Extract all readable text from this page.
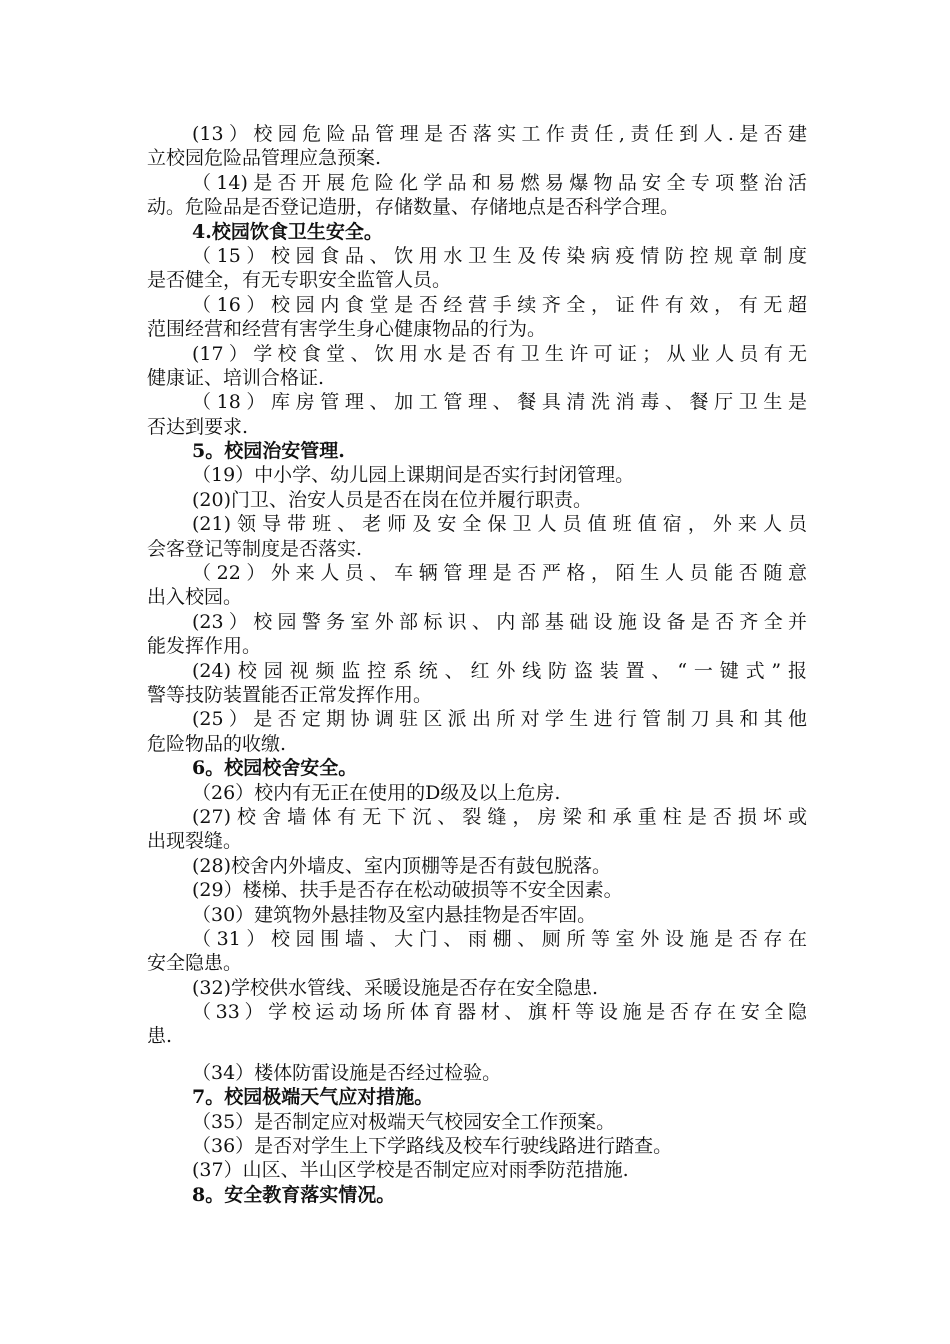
(13）校园危险品管理是否落实工作责任,责任到人.是否建
立校园危险品管理应急预案.
（14)是否开展危险化学品和易燃易爆物品安全专项整治活
动。危险品是否登记造册，存储数量、存储地点是否科学合理。
4.校园饮食卫生安全。
（15）校园食品、饮用水卫生及传染病疫情防控规章制度
是否健全，有无专职安全监管人员。
（16）校园内食堂是否经营手续齐全，证件有效，有无超
范围经营和经营有害学生身心健康物品的行为。
(17）学校食堂、饮用水是否有卫生许可证；从业人员有无
健康证、培训合格证.
（18）库房管理、加工管理、餐具清洗消毒、餐厅卫生是
否达到要求.
5。校园治安管理.
（19）中小学、幼儿园上课期间是否实行封闭管理。
(20)门卫、治安人员是否在岗在位并履行职责。
(21)领导带班、老师及安全保卫人员值班值宿，外来人员
会客登记等制度是否落实.
（22）外来人员、车辆管理是否严格，陌生人员能否随意
出入校园。
(23）校园警务室外部标识、内部基础设施设备是否齐全并
能发挥作用。
(24)校园视频监控系统、红外线防盗装置、“一键式”报
警等技防装置能否正常发挥作用。
(25）是否定期协调驻区派出所对学生进行管制刀具和其他
危险物品的收缴.
6。校园校舍安全。
（26）校内有无正在使用的D级及以上危房.
(27)校舍墙体有无下沉、裂缝，房梁和承重柱是否损坏或
出现裂缝。
(28)校舍内外墙皮、室内顶棚等是否有鼓包脱落。
(29）楼梯、扶手是否存在松动破损等不安全因素。
（30）建筑物外悬挂物及室内悬挂物是否牢固。
（31）校园围墙、大门、雨棚、厕所等室外设施是否存在
安全隐患。
(32)学校供水管线、采暖设施是否存在安全隐患.
（33）学校运动场所体育器材、旗杆等设施是否存在安全隐
患.
（34）楼体防雷设施是否经过检验。
7。校园极端天气应对措施。
（35）是否制定应对极端天气校园安全工作预案。
（36）是否对学生上下学路线及校车行驶线路进行踏查。
(37）山区、半山区学校是否制定应对雨季防范措施.
8。安全教育落实情况。
